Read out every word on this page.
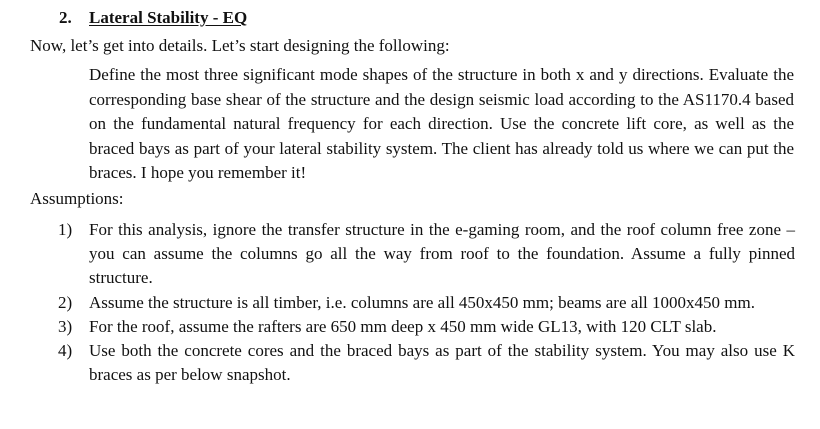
2. Lateral Stability - EQ
Now, let’s get into details. Let’s start designing the following:
Define the most three significant mode shapes of the structure in both x and y directions. Evaluate the corresponding base shear of the structure and the design seismic load according to the AS1170.4 based on the fundamental natural frequency for each direction. Use the concrete lift core, as well as the braced bays as part of your lateral stability system. The client has already told us where we can put the braces. I hope you remember it!
Assumptions:
1) For this analysis, ignore the transfer structure in the e-gaming room, and the roof column free zone – you can assume the columns go all the way from roof to the foundation. Assume a fully pinned structure.
2) Assume the structure is all timber, i.e. columns are all 450x450 mm; beams are all 1000x450 mm.
3) For the roof, assume the rafters are 650 mm deep x 450 mm wide GL13, with 120 CLT slab.
4) Use both the concrete cores and the braced bays as part of the stability system. You may also use K braces as per below snapshot.
